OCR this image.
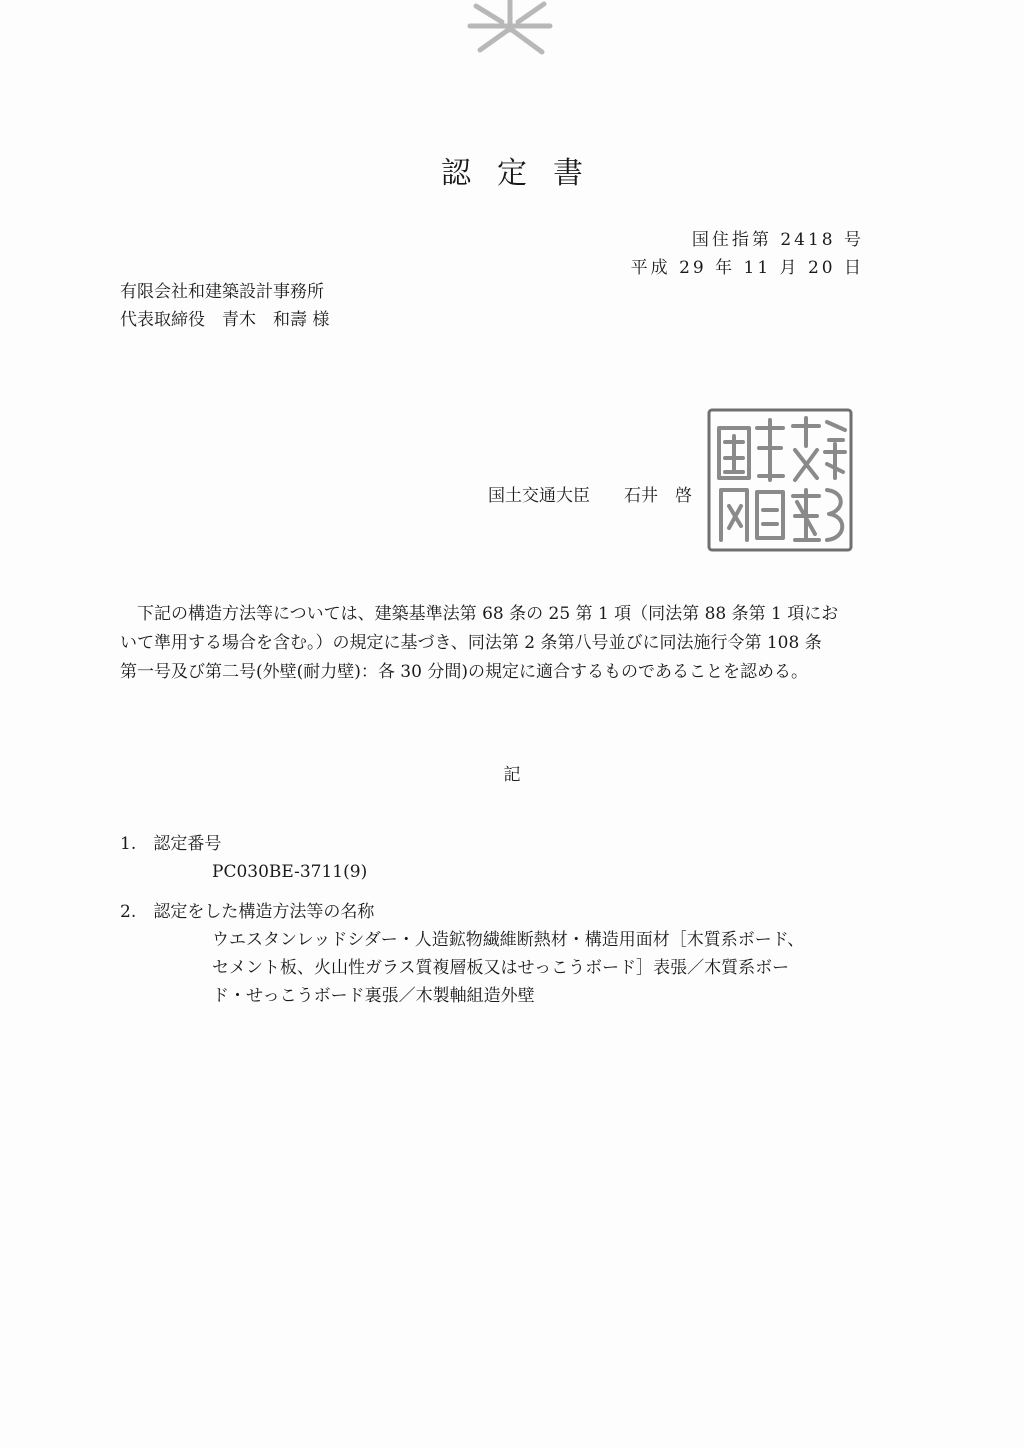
認定書
国住指第 2418 号
平成 29 年 11 月 20 日
有限会社和建築設計事務所
代表取締役　青木　和壽 様
国土交通大臣　　石井　啓
　下記の構造方法等については、建築基準法第 68 条の 25 第 1 項（同法第 88 条第 1 項にお
いて準用する場合を含む。）の規定に基づき、同法第 2 条第八号並びに同法施行令第 108 条
第一号及び第二号(外壁(耐力壁)：各 30 分間)の規定に適合するものであることを認める。
記
1. 認定番号
PC030BE-3711(9)
2. 認定をした構造方法等の名称
ウエスタンレッドシダー・人造鉱物繊維断熱材・構造用面材［木質系ボード、
セメント板、火山性ガラス質複層板又はせっこうボード］表張／木質系ボー
ド・せっこうボード裏張／木製軸組造外壁
